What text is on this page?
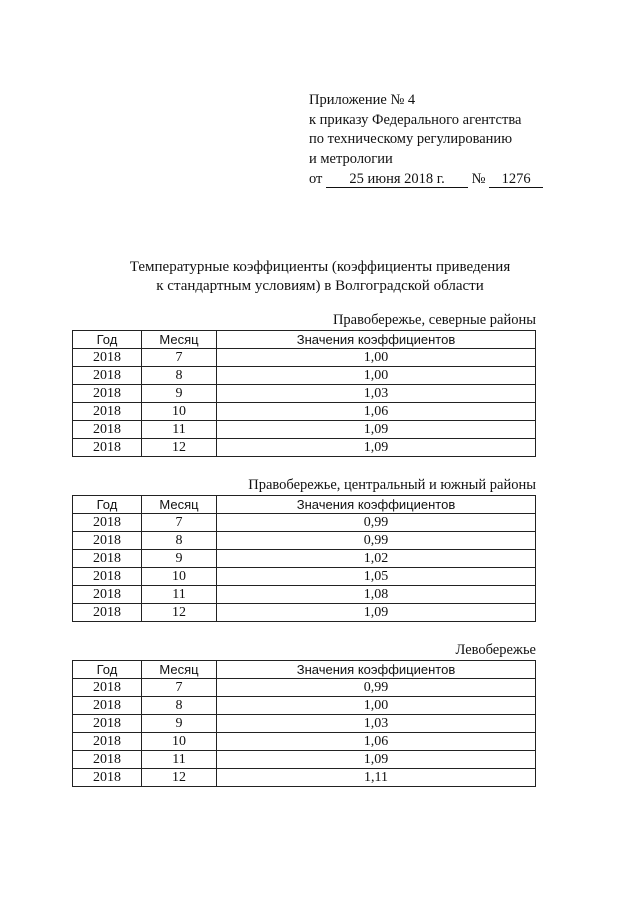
Приложение № 4
к приказу Федерального агентства
по техническому регулированию
и метрологии
от 25 июня 2018 г. № 1276
Температурные коэффициенты (коэффициенты приведения
к стандартным условиям) в Волгоградской области
Правобережье, северные районы
Год	Месяц	Значения коэффициентов
2018	7	1,00
2018	8	1,00
2018	9	1,03
2018	10	1,06
2018	11	1,09
2018	12	1,09
Правобережье, центральный и южный районы
Год	Месяц	Значения коэффициентов
2018	7	0,99
2018	8	0,99
2018	9	1,02
2018	10	1,05
2018	11	1,08
2018	12	1,09
Левобережье
Год	Месяц	Значения коэффициентов
2018	7	0,99
2018	8	1,00
2018	9	1,03
2018	10	1,06
2018	11	1,09
2018	12	1,11
